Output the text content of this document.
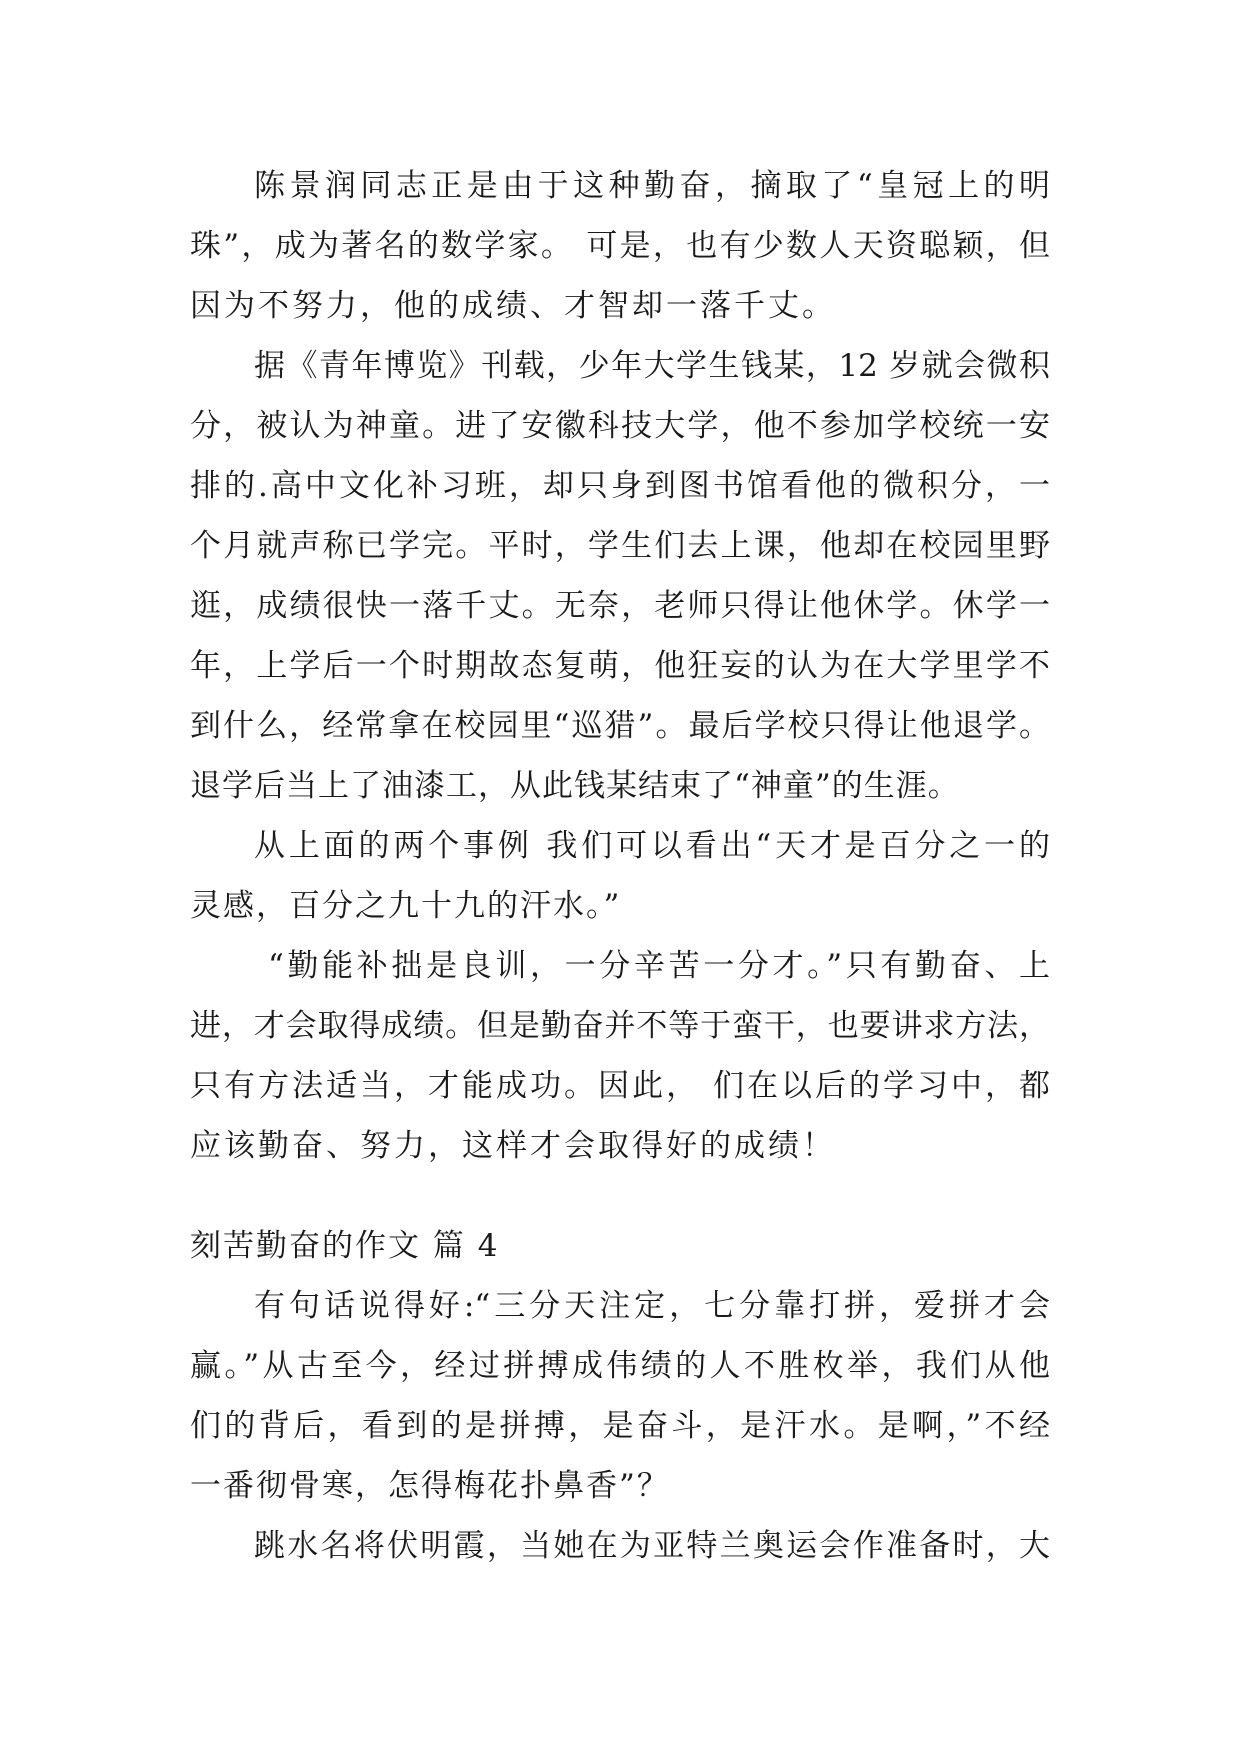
陈景润同志正是由于这种勤奋，摘取了“皇冠上的明
珠”，成为著名的数学家。 可是，也有少数人天资聪颖，但
因为不努力，他的成绩、才智却一落千丈。
据《青年博览》刊载，少年大学生钱某，12 岁就会微积
分，被认为神童。进了安徽科技大学，他不参加学校统一安
排的.高中文化补习班，却只身到图书馆看他的微积分，一
个月就声称已学完。平时，学生们去上课，他却在校园里野
逛，成绩很快一落千丈。无奈，老师只得让他休学。休学一
年，上学后一个时期故态复萌，他狂妄的认为在大学里学不
到什么，经常拿在校园里“巡猎”。最后学校只得让他退学。
退学后当上了油漆工，从此钱某结束了“神童”的生涯。
从上面的两个事例 我们可以看出“天才是百分之一的
灵感，百分之九十九的汗水。”
“勤能补拙是良训，一分辛苦一分才。”只有勤奋、上
进，才会取得成绩。但是勤奋并不等于蛮干，也要讲求方法，
只有方法适当，才能成功。因此， 们在以后的学习中，都
应该勤奋、努力，这样才会取得好的成绩！
刻苦勤奋的作文 篇 4
有句话说得好:“三分天注定，七分靠打拼，爱拼才会
赢。”从古至今，经过拼搏成伟绩的人不胜枚举，我们从他
们的背后，看到的是拼搏，是奋斗，是汗水。是啊，”不经
一番彻骨寒，怎得梅花扑鼻香”？
跳水名将伏明霞，当她在为亚特兰奥运会作准备时，大
